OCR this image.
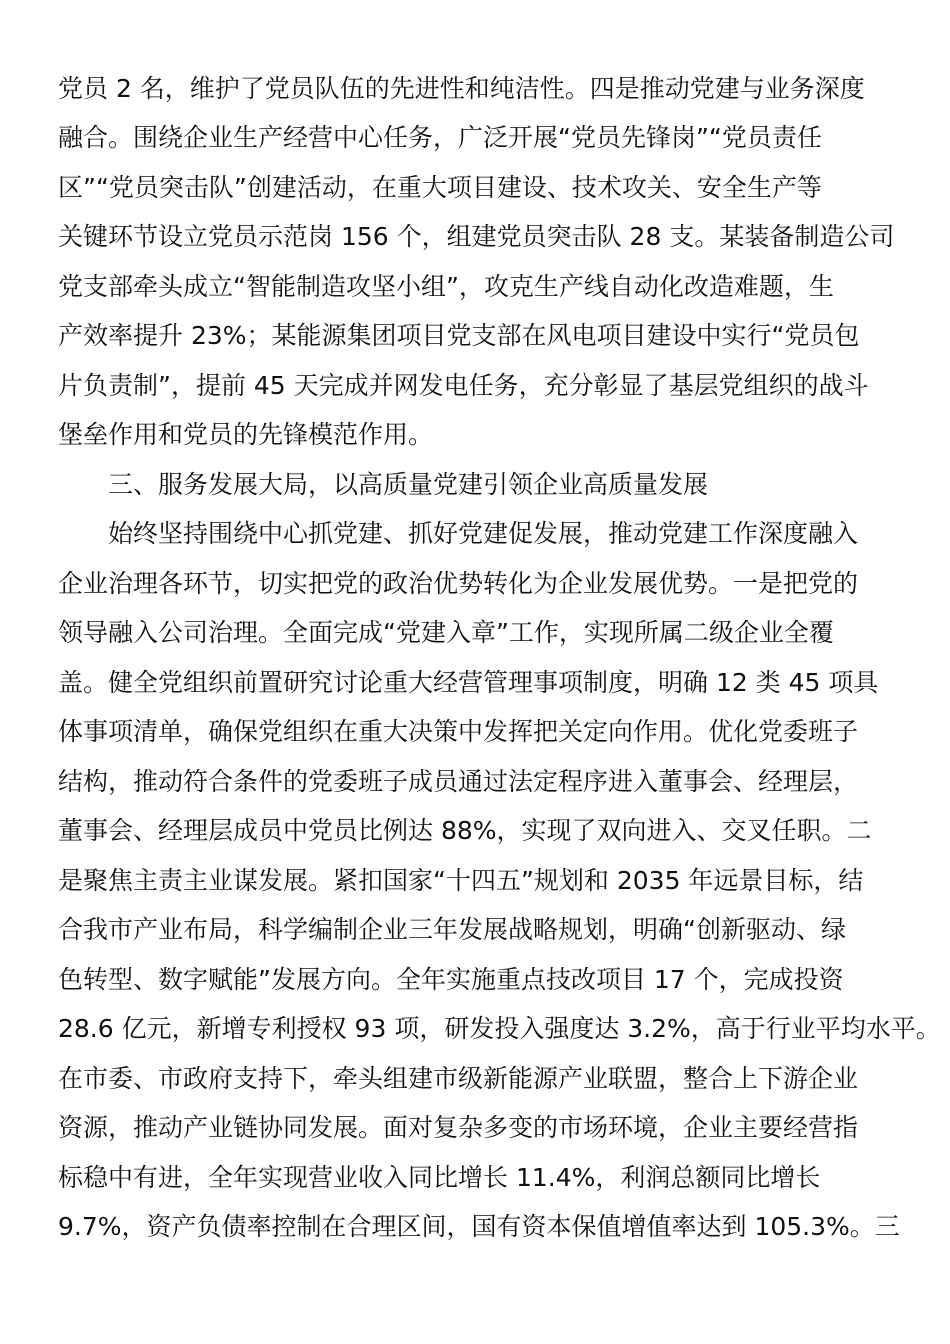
党员 2 名，维护了党员队伍的先进性和纯洁性。四是推动党建与业务深度
融合。围绕企业生产经营中心任务，广泛开展“党员先锋岗”“党员责任
区”“党员突击队”创建活动，在重大项目建设、技术攻关、安全生产等
关键环节设立党员示范岗 156 个，组建党员突击队 28 支。某装备制造公司
党支部牵头成立“智能制造攻坚小组”，攻克生产线自动化改造难题，生
产效率提升 23%；某能源集团项目党支部在风电项目建设中实行“党员包
片负责制”，提前 45 天完成并网发电任务，充分彰显了基层党组织的战斗
堡垒作用和党员的先锋模范作用。
三、服务发展大局，以高质量党建引领企业高质量发展
始终坚持围绕中心抓党建、抓好党建促发展，推动党建工作深度融入
企业治理各环节，切实把党的政治优势转化为企业发展优势。一是把党的
领导融入公司治理。全面完成“党建入章”工作，实现所属二级企业全覆
盖。健全党组织前置研究讨论重大经营管理事项制度，明确 12 类 45 项具
体事项清单，确保党组织在重大决策中发挥把关定向作用。优化党委班子
结构，推动符合条件的党委班子成员通过法定程序进入董事会、经理层，
董事会、经理层成员中党员比例达 88%，实现了双向进入、交叉任职。二
是聚焦主责主业谋发展。紧扣国家“十四五”规划和 2035 年远景目标，结
合我市产业布局，科学编制企业三年发展战略规划，明确“创新驱动、绿
色转型、数字赋能”发展方向。全年实施重点技改项目 17 个，完成投资
28.6 亿元，新增专利授权 93 项，研发投入强度达 3.2%，高于行业平均水平。
在市委、市政府支持下，牵头组建市级新能源产业联盟，整合上下游企业
资源，推动产业链协同发展。面对复杂多变的市场环境，企业主要经营指
标稳中有进，全年实现营业收入同比增长 11.4%，利润总额同比增长
9.7%，资产负债率控制在合理区间，国有资本保值增值率达到 105.3%。三
